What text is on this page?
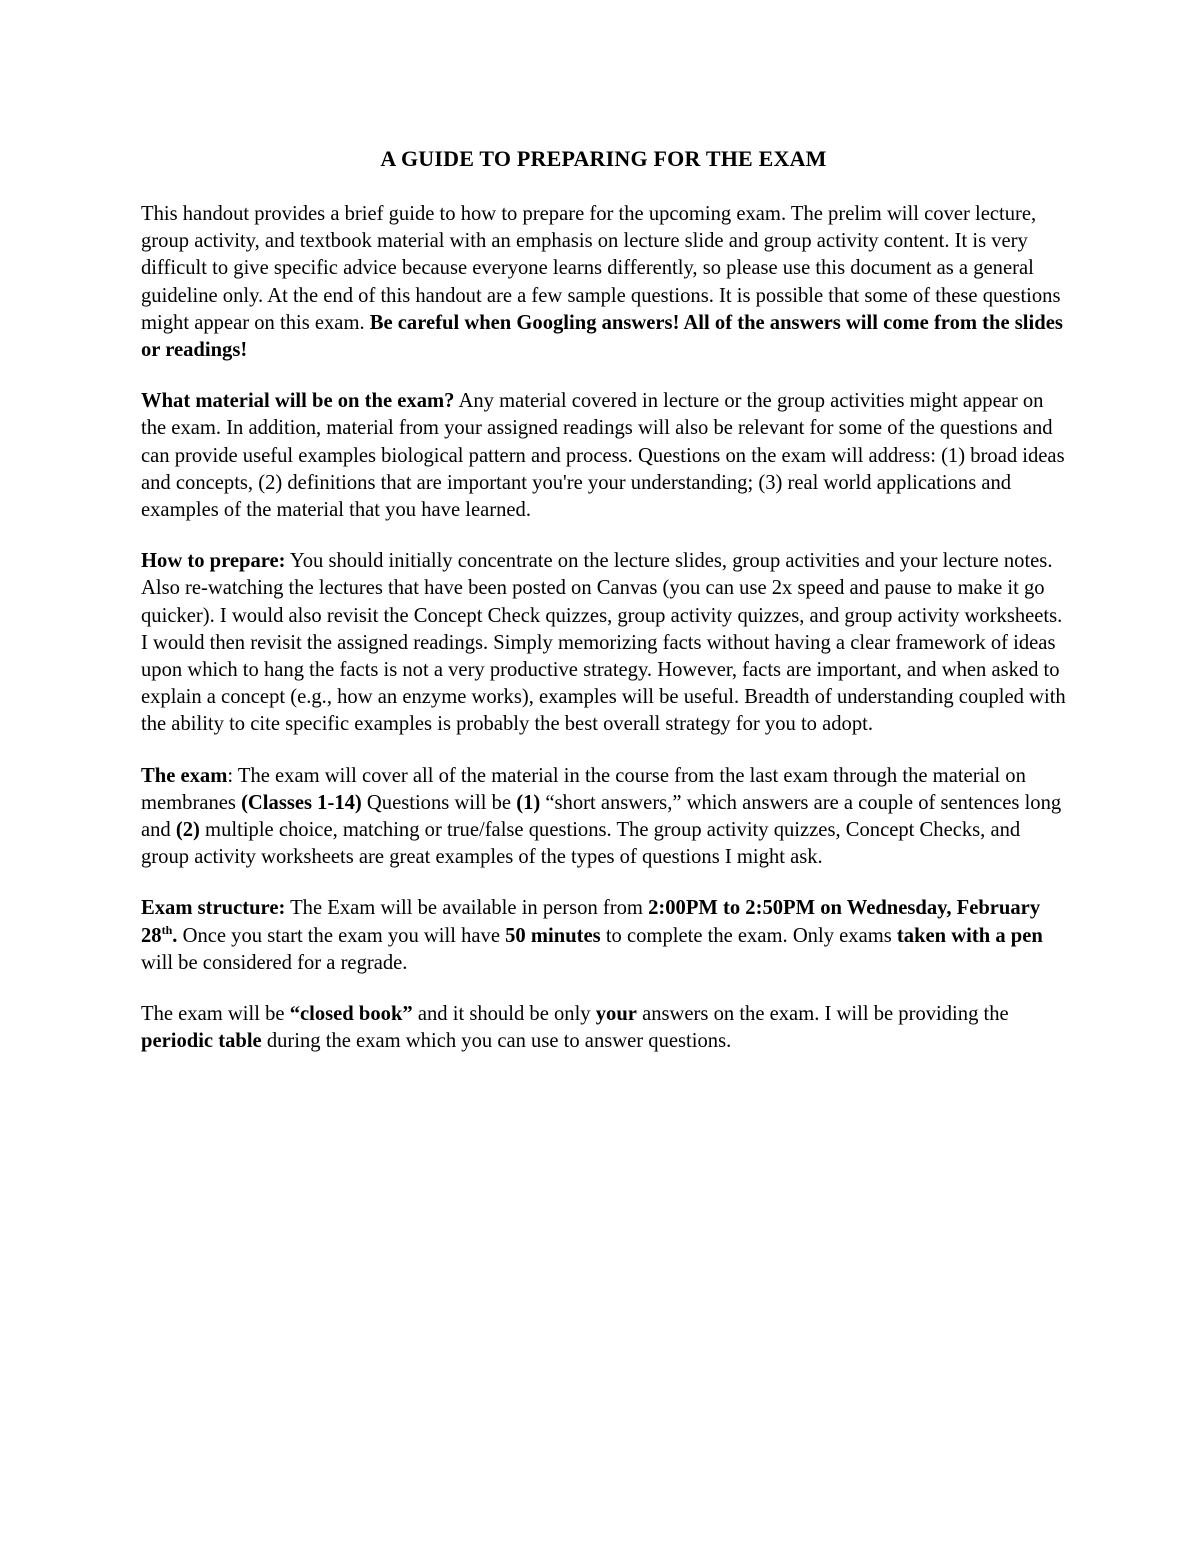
A GUIDE TO PREPARING FOR THE EXAM

This handout provides a brief guide to how to prepare for the upcoming exam. The prelim will cover lecture, group activity, and textbook material with an emphasis on lecture slide and group activity content. It is very difficult to give specific advice because everyone learns differently, so please use this document as a general guideline only. At the end of this handout are a few sample questions. It is possible that some of these questions might appear on this exam. Be careful when Googling answers! All of the answers will come from the slides or readings!

What material will be on the exam? Any material covered in lecture or the group activities might appear on the exam. In addition, material from your assigned readings will also be relevant for some of the questions and can provide useful examples biological pattern and process. Questions on the exam will address: (1) broad ideas and concepts, (2) definitions that are important you're your understanding; (3) real world applications and examples of the material that you have learned.

How to prepare: You should initially concentrate on the lecture slides, group activities and your lecture notes. Also re-watching the lectures that have been posted on Canvas (you can use 2x speed and pause to make it go quicker). I would also revisit the Concept Check quizzes, group activity quizzes, and group activity worksheets. I would then revisit the assigned readings. Simply memorizing facts without having a clear framework of ideas upon which to hang the facts is not a very productive strategy. However, facts are important, and when asked to explain a concept (e.g., how an enzyme works), examples will be useful. Breadth of understanding coupled with the ability to cite specific examples is probably the best overall strategy for you to adopt.

The exam: The exam will cover all of the material in the course from the last exam through the material on membranes (Classes 1-14) Questions will be (1) “short answers,” which answers are a couple of sentences long and (2) multiple choice, matching or true/false questions. The group activity quizzes, Concept Checks, and group activity worksheets are great examples of the types of questions I might ask.

Exam structure: The Exam will be available in person from 2:00PM to 2:50PM on Wednesday, February 28th. Once you start the exam you will have 50 minutes to complete the exam. Only exams taken with a pen will be considered for a regrade.

The exam will be “closed book” and it should be only your answers on the exam. I will be providing the periodic table during the exam which you can use to answer questions.
